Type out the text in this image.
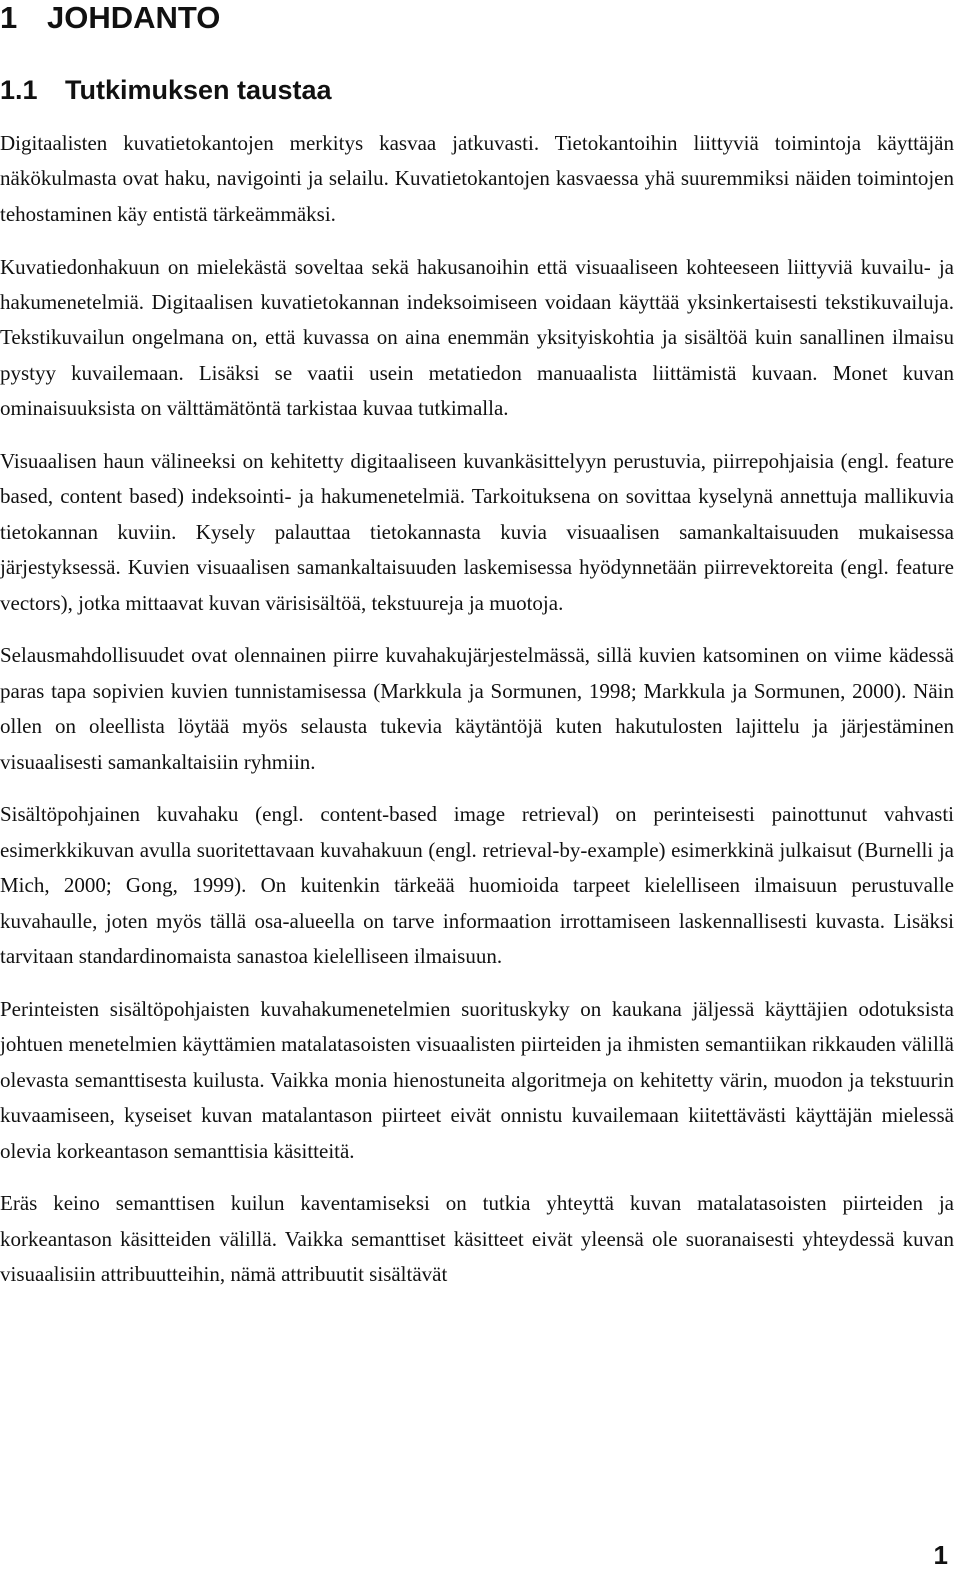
1 JOHDANTO
1.1 Tutkimuksen taustaa

Digitaalisten kuvatietokantojen merkitys kasvaa jatkuvasti. Tietokantoihin liittyviä toimintoja käyttäjän näkökulmasta ovat haku, navigointi ja selailu. Kuvatietokantojen kasvaessa yhä suuremmiksi näiden toimintojen tehostaminen käy entistä tärkeämmäksi.

Kuvatiedonhakuun on mielekästä soveltaa sekä hakusanoihin että visuaaliseen kohteeseen liittyviä kuvailu- ja hakumenetelmiä. Digitaalisen kuvatietokannan indeksoimiseen voidaan käyttää yksinkertaisesti tekstikuvailuja. Tekstikuvailun ongelmana on, että kuvassa on aina enemmän yksityiskohtia ja sisältöä kuin sanallinen ilmaisu pystyy kuvailemaan. Lisäksi se vaatii usein metatiedon manuaalista liittämistä kuvaan. Monet kuvan ominaisuuksista on välttämätöntä tarkistaa kuvaa tutkimalla.

Visuaalisen haun välineeksi on kehitetty digitaaliseen kuvankäsittelyyn perustuvia, piirrepohjaisia (engl. feature based, content based) indeksointi- ja hakumenetelmiä. Tarkoituksena on sovittaa kyselynä annettuja mallikuvia tietokannan kuviin. Kysely palauttaa tietokannasta kuvia visuaalisen samankaltaisuuden mukaisessa järjestyksessä. Kuvien visuaalisen samankaltaisuuden laskemisessa hyödynnetään piirrevektoreita (engl. feature vectors), jotka mittaavat kuvan värisisältöä, tekstuureja ja muotoja.

Selausmahdollisuudet ovat olennainen piirre kuvahakujärjestelmässä, sillä kuvien katsominen on viime kädessä paras tapa sopivien kuvien tunnistamisessa (Markkula ja Sormunen, 1998; Markkula ja Sormunen, 2000). Näin ollen on oleellista löytää myös selausta tukevia käytäntöjä kuten hakutulosten lajittelu ja järjestäminen visuaalisesti samankaltaisiin ryhmiin.

Sisältöpohjainen kuvahaku (engl. content-based image retrieval) on perinteisesti painottunut vahvasti esimerkkikuvan avulla suoritettavaan kuvahakuun (engl. retrieval-by-example) esimerkkinä julkaisut (Burnelli ja Mich, 2000; Gong, 1999). On kuitenkin tärkeää huomioida tarpeet kielelliseen ilmaisuun perustuvalle kuvahaulle, joten myös tällä osa-alueella on tarve informaation irrottamiseen laskennallisesti kuvasta. Lisäksi tarvitaan standardinomaista sanastoa kielelliseen ilmaisuun.

Perinteisten sisältöpohjaisten kuvahakumenetelmien suorituskyky on kaukana jäljessä käyttäjien odotuksista johtuen menetelmien käyttämien matalatasoisten visuaalisten piirteiden ja ihmisten semantiikan rikkauden välillä olevasta semanttisesta kuilusta. Vaikka monia hienostuneita algoritmeja on kehitetty värin, muodon ja tekstuurin kuvaamiseen, kyseiset kuvan matalantason piirteet eivät onnistu kuvailemaan kiitettävästi käyttäjän mielessä olevia korkeantason semanttisia käsitteitä.

Eräs keino semanttisen kuilun kaventamiseksi on tutkia yhteyttä kuvan matalatasoisten piirteiden ja korkeantason käsitteiden välillä. Vaikka semanttiset käsitteet eivät yleensä ole suoranaisesti yhteydessä kuvan visuaalisiin attribuutteihin, nämä attribuutit sisältävät

1
